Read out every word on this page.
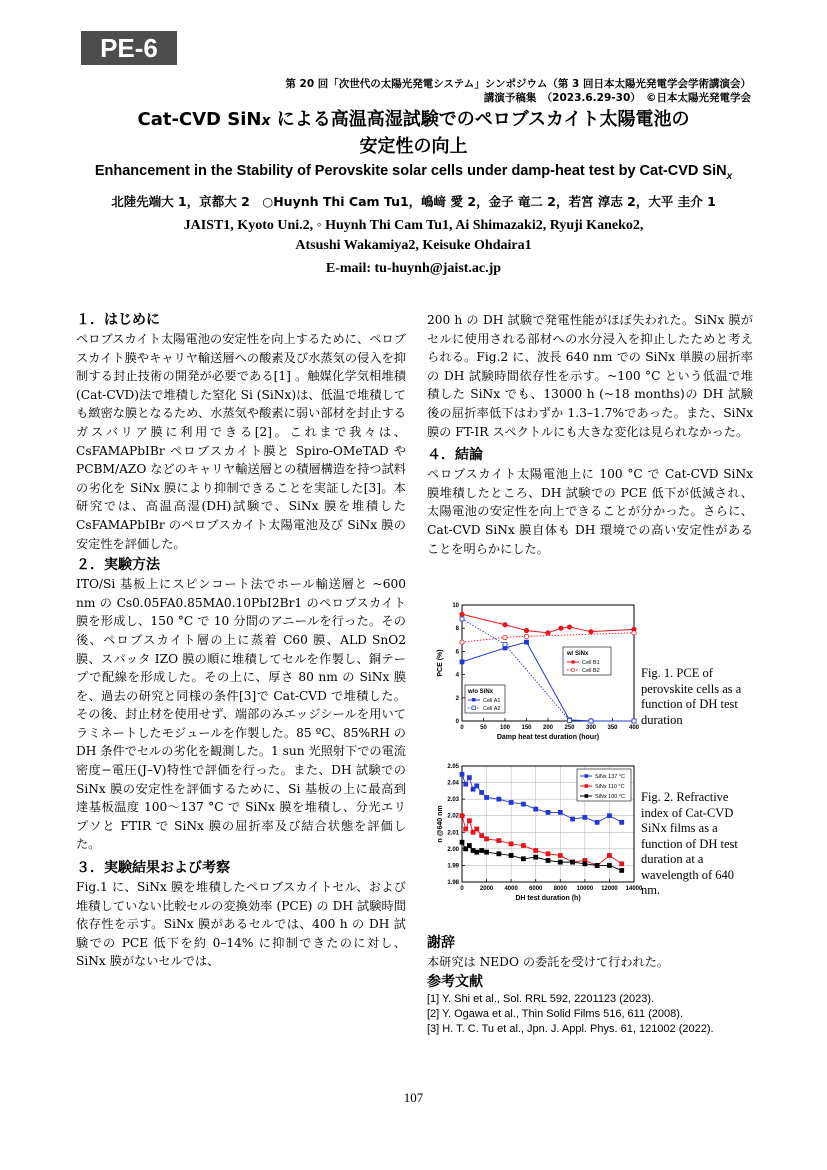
PE-6
第 20 回「次世代の太陽光発電システム」シンポジウム（第 3 回日本太陽光発電学会学術講演会）
講演予稿集　（2023.6.29-30）　©日本太陽光発電学会
Cat-CVD SiNx による高温高湿試験でのペロブスカイト太陽電池の
安定性の向上
Enhancement in the Stability of Perovskite solar cells under damp-heat test by Cat-CVD SiN$_x$
北陸先端大 1，京都大 2　○Huynh Thi Cam Tu1，嶋﨑 愛 2，金子 竜二 2，若宮 淳志 2，大平 圭介 1
JAIST1, Kyoto Uni.2, ◦ Huynh Thi Cam Tu1, Ai Shimazaki2, Ryuji Kaneko2,
Atsushi Wakamiya2, Keisuke Ohdaira1
E-mail: tu-huynh@jaist.ac.jp

１．はじめに

ペロブスカイト太陽電池の安定性を向上するために、ペロブスカイト膜やキャリヤ輸送層への酸素及び水蒸気の侵入を抑制する封止技術の開発が必要である[1] 。触媒化学気相堆積(Cat-CVD)法で堆積した窒化 Si (SiNx)は、低温で堆積しても緻密な膜となるため、水蒸気や酸素に弱い部材を封止するガスバリア膜に利用できる[2]。これまで我々は、CsFAMAPbIBr ペロブスカイト膜と Spiro-OMeTAD や PCBM/AZO などのキャリヤ輸送層との積層構造を持つ試料の劣化を SiNx 膜により抑制できることを実証した[3]。本研究では、高温高湿(DH)試験で、SiNx 膜を堆積した CsFAMAPbIBr のペロブスカイト太陽電池及び SiNx 膜の安定性を評価した。

２．実験方法

ITO/Si 基板上にスピンコート法でホール輸送層と ~600 nm の Cs0.05FA0.85MA0.10PbI2Br1 のペロブスカイト膜を形成し、150 °C で 10 分間のアニールを行った。その後、ペロブスカイト層の上に蒸着 C60 膜、ALD SnO2 膜、スパッタ IZO 膜の順に堆積してセルを作製し、銅テープで配線を形成した。その上に、厚さ 80 nm の SiNx 膜を、過去の研究と同様の条件[3]で Cat-CVD で堆積した。その後、封止材を使用せず、端部のみエッジシールを用いてラミネートしたモジュールを作製した。85 ºC、85%RH の DH 条件でセルの劣化を観測した。1 sun 光照射下での電流密度−電圧(J–V)特性で評価を行った。また、DH 試験での SiNx 膜の安定性を評価するために、Si 基板の上に最高到達基板温度 100～137 °C で SiNx 膜を堆積し、分光エリプソと FTIR で SiNx 膜の屈折率及び結合状態を評価した。

３．実験結果および考察

Fig.1 に、SiNx 膜を堆積したペロブスカイトセル、および堆積していない比較セルの変換効率 (PCE) の DH 試験時間依存性を示す。SiNx 膜があるセルでは、400 h の DH 試験での PCE 低下を約 0–14% に抑制できたのに対し、SiNx 膜がないセルでは、

200 h の DH 試験で発電性能がほぼ失われた。SiNx 膜がセルに使用される部材への水分浸入を抑止したためと考えられる。Fig.2 に、波長 640 nm での SiNx 単膜の屈折率の DH 試験時間依存性を示す。~100 °C という低温で堆積した SiNx でも、13000 h (~18 months)の DH 試験後の屈折率低下はわずか 1.3–1.7%であった。また、SiNx 膜の FT-IR スペクトルにも大きな変化は見られなかった。

４．結論

ペロブスカイト太陽電池上に 100 °C で Cat-CVD SiNx 膜堆積したところ、DH 試験での PCE 低下が低減され、太陽電池の安定性を向上できることが分かった。さらに、Cat-CVD SiNx 膜自体も DH 環境での高い安定性があることを明らかにした。

0	50 100 150 200 250 300 350 400
0
2
4
6
8
10
Damp heat test duration (hour)
PCE (%)	w/ SiNx
Cell B1
Cell B2
w/o SiNx
Cell A1
Cell A2
Fig. 1. PCE of perovskite cells as a function of DH test duration
0	2000 4000 6000 8000 10000 12000 14000
1.98
1.99
2.00
2.01
2.02
2.03
2.04
2.05
DH test duration (h)
n @640 nm
SiNx 137 °C
SiNx 110 °C
SiNx 100 °C Fig. 2. Refractive index of Cat-CVD SiNx films as a function of DH test duration at a wavelength of 640 nm.
謝辞
本研究は NEDO の委託を受けて行われた。
参考文献
[1] Y. Shi et al., Sol. RRL 592, 2201123 (2023).
[2] Y. Ogawa et al., Thin Solid Films 516, 611 (2008).
[3] H. T. C. Tu et al., Jpn. J. Appl. Phys. 61, 121002 (2022).
107
